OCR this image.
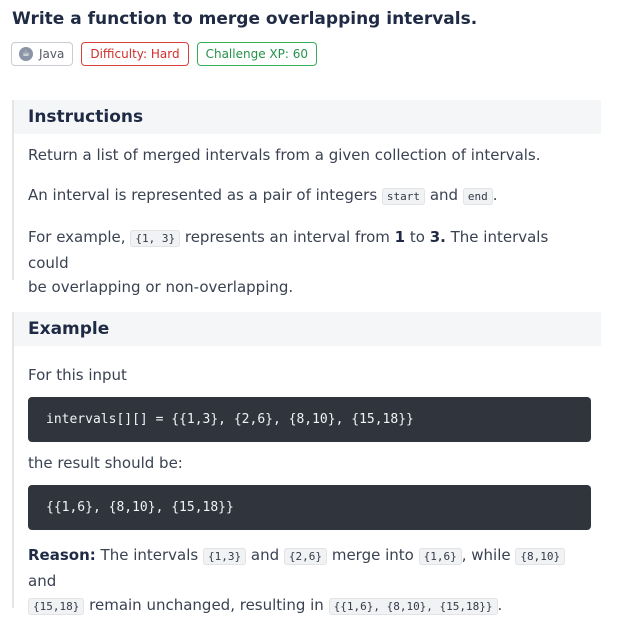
Write a function to merge overlapping intervals.
☕ Java	Difficulty: Hard	Challenge XP: 60
Instructions

Return a list of merged intervals from a given collection of intervals.

An interval is represented as a pair of integers start and end .

For example, {1, 3} represents an interval from 1 to 3. The intervals could
be overlapping or non-overlapping.

Example

For this input

intervals[][] = {{1,3}, {2,6}, {8,10}, {15,18}}

the result should be:

{{1,6}, {8,10}, {15,18}}

Reason: The intervals {1,3} and {2,6} merge into {1,6} , while {8,10} and
{15,18} remain unchanged, resulting in {{1,6}, {8,10}, {15,18}} .
